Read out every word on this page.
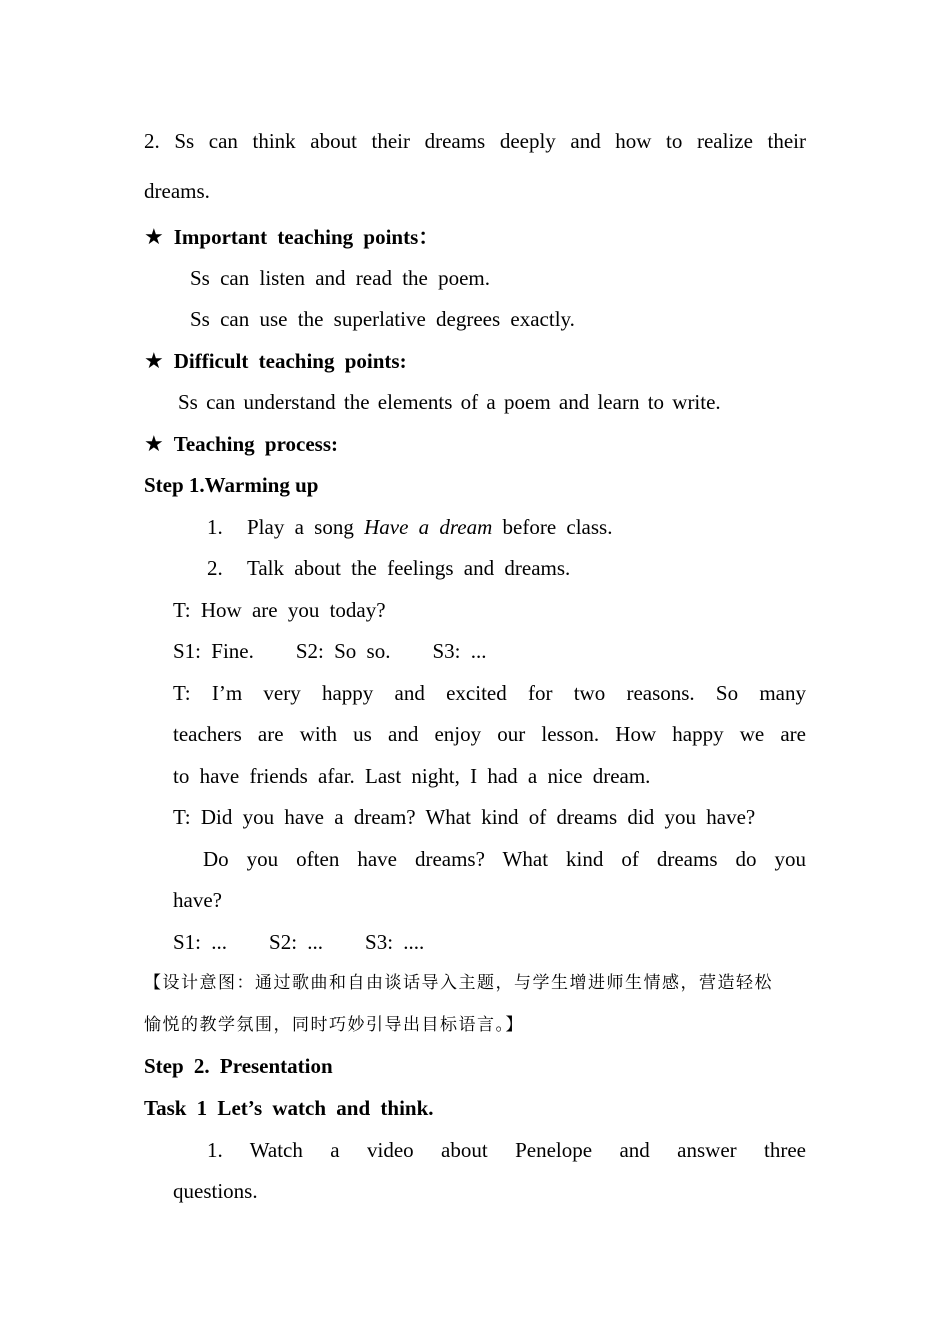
2. Ss can think about their dreams deeply and how to realize their
dreams.
★ Important teaching points：
Ss can listen and read the poem.
Ss can use the superlative degrees exactly.
★ Difficult teaching points:
Ss can understand the elements of a poem and learn to write.
★ Teaching process:
Step 1.Warming up
1. Play a song Have a dream before class.
2. Talk about the feelings and dreams.
T: How are you today?
S1: Fine. S2: So so. S3: ...
T: I’m very happy and excited for two reasons. So many
teachers are with us and enjoy our lesson. How happy we are
to have friends afar. Last night, I had a nice dream.
T: Did you have a dream? What kind of dreams did you have?
Do you often have dreams? What kind of dreams do you
have?
S1: ... S2: ... S3: ....
【设计意图：通过歌曲和自由谈话导入主题，与学生增进师生情感，营造轻松
愉悦的教学氛围，同时巧妙引导出目标语言。】
Step 2. Presentation
Task 1 Let’s watch and think.
1. Watch a video about Penelope and answer three
questions.
